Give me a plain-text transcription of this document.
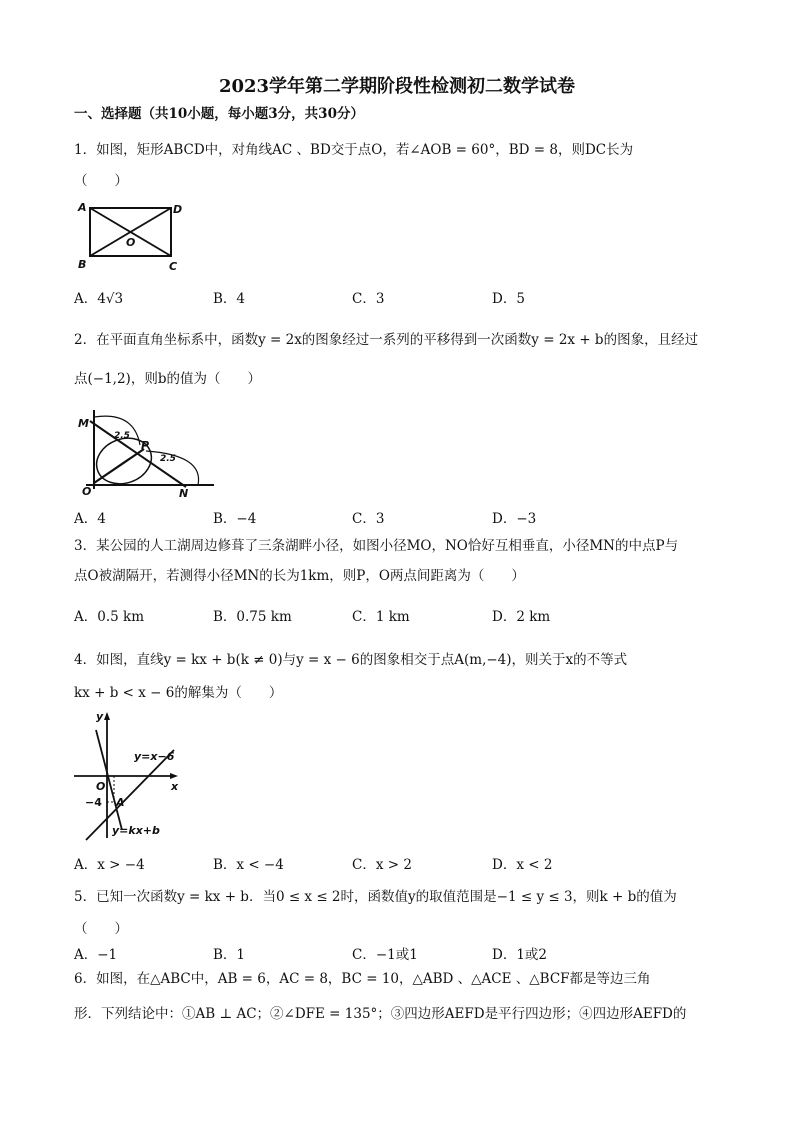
2023学年第二学期阶段性检测初二数学试卷
一、选择题（共10小题，每小题3分，共30分）
1．如图，矩形ABCD中，对角线AC 、BD交于点O，若∠AOB = 60°，BD = 8，则DC长为
（　　）
A	D
B	C
O
A．4√3	B．4	C．3	D．5
2．在平面直角坐标系中，函数y = 2x的图象经过一系列的平移得到一次函数y = 2x + b的图象，且经过
点(−1,2)，则b的值为（　　）
M
P
O	N
2.5
2.5
A．4	B．−4	C．3	D．−3
3．某公园的人工湖周边修葺了三条湖畔小径，如图小径MO，NO恰好互相垂直，小径MN的中点P与
点O被湖隔开，若测得小径MN的长为1km，则P，O两点间距离为（　　）
A．0.5 km	B．0.75 km	C．1 km	D．2 km
4．如图，直线y = kx + b(k ≠ 0)与y = x − 6的图象相交于点A(m,−4)，则关于x的不等式
kx + b < x − 6的解集为（　　）
y
x
O
−4 A
y=x−6
y=kx+b
A．x > −4	B．x < −4	C．x > 2	D．x < 2
5．已知一次函数y = kx + b．当0 ≤ x ≤ 2时，函数值y的取值范围是−1 ≤ y ≤ 3，则k + b的值为
（　　）
A．−1	B．1	C．−1或1	D．1或2
6．如图，在△ABC中，AB = 6，AC = 8，BC = 10，△ABD 、△ACE 、△BCF都是等边三角
形．下列结论中：①AB ⊥ AC；②∠DFE = 135°；③四边形AEFD是平行四边形；④四边形AEFD的
